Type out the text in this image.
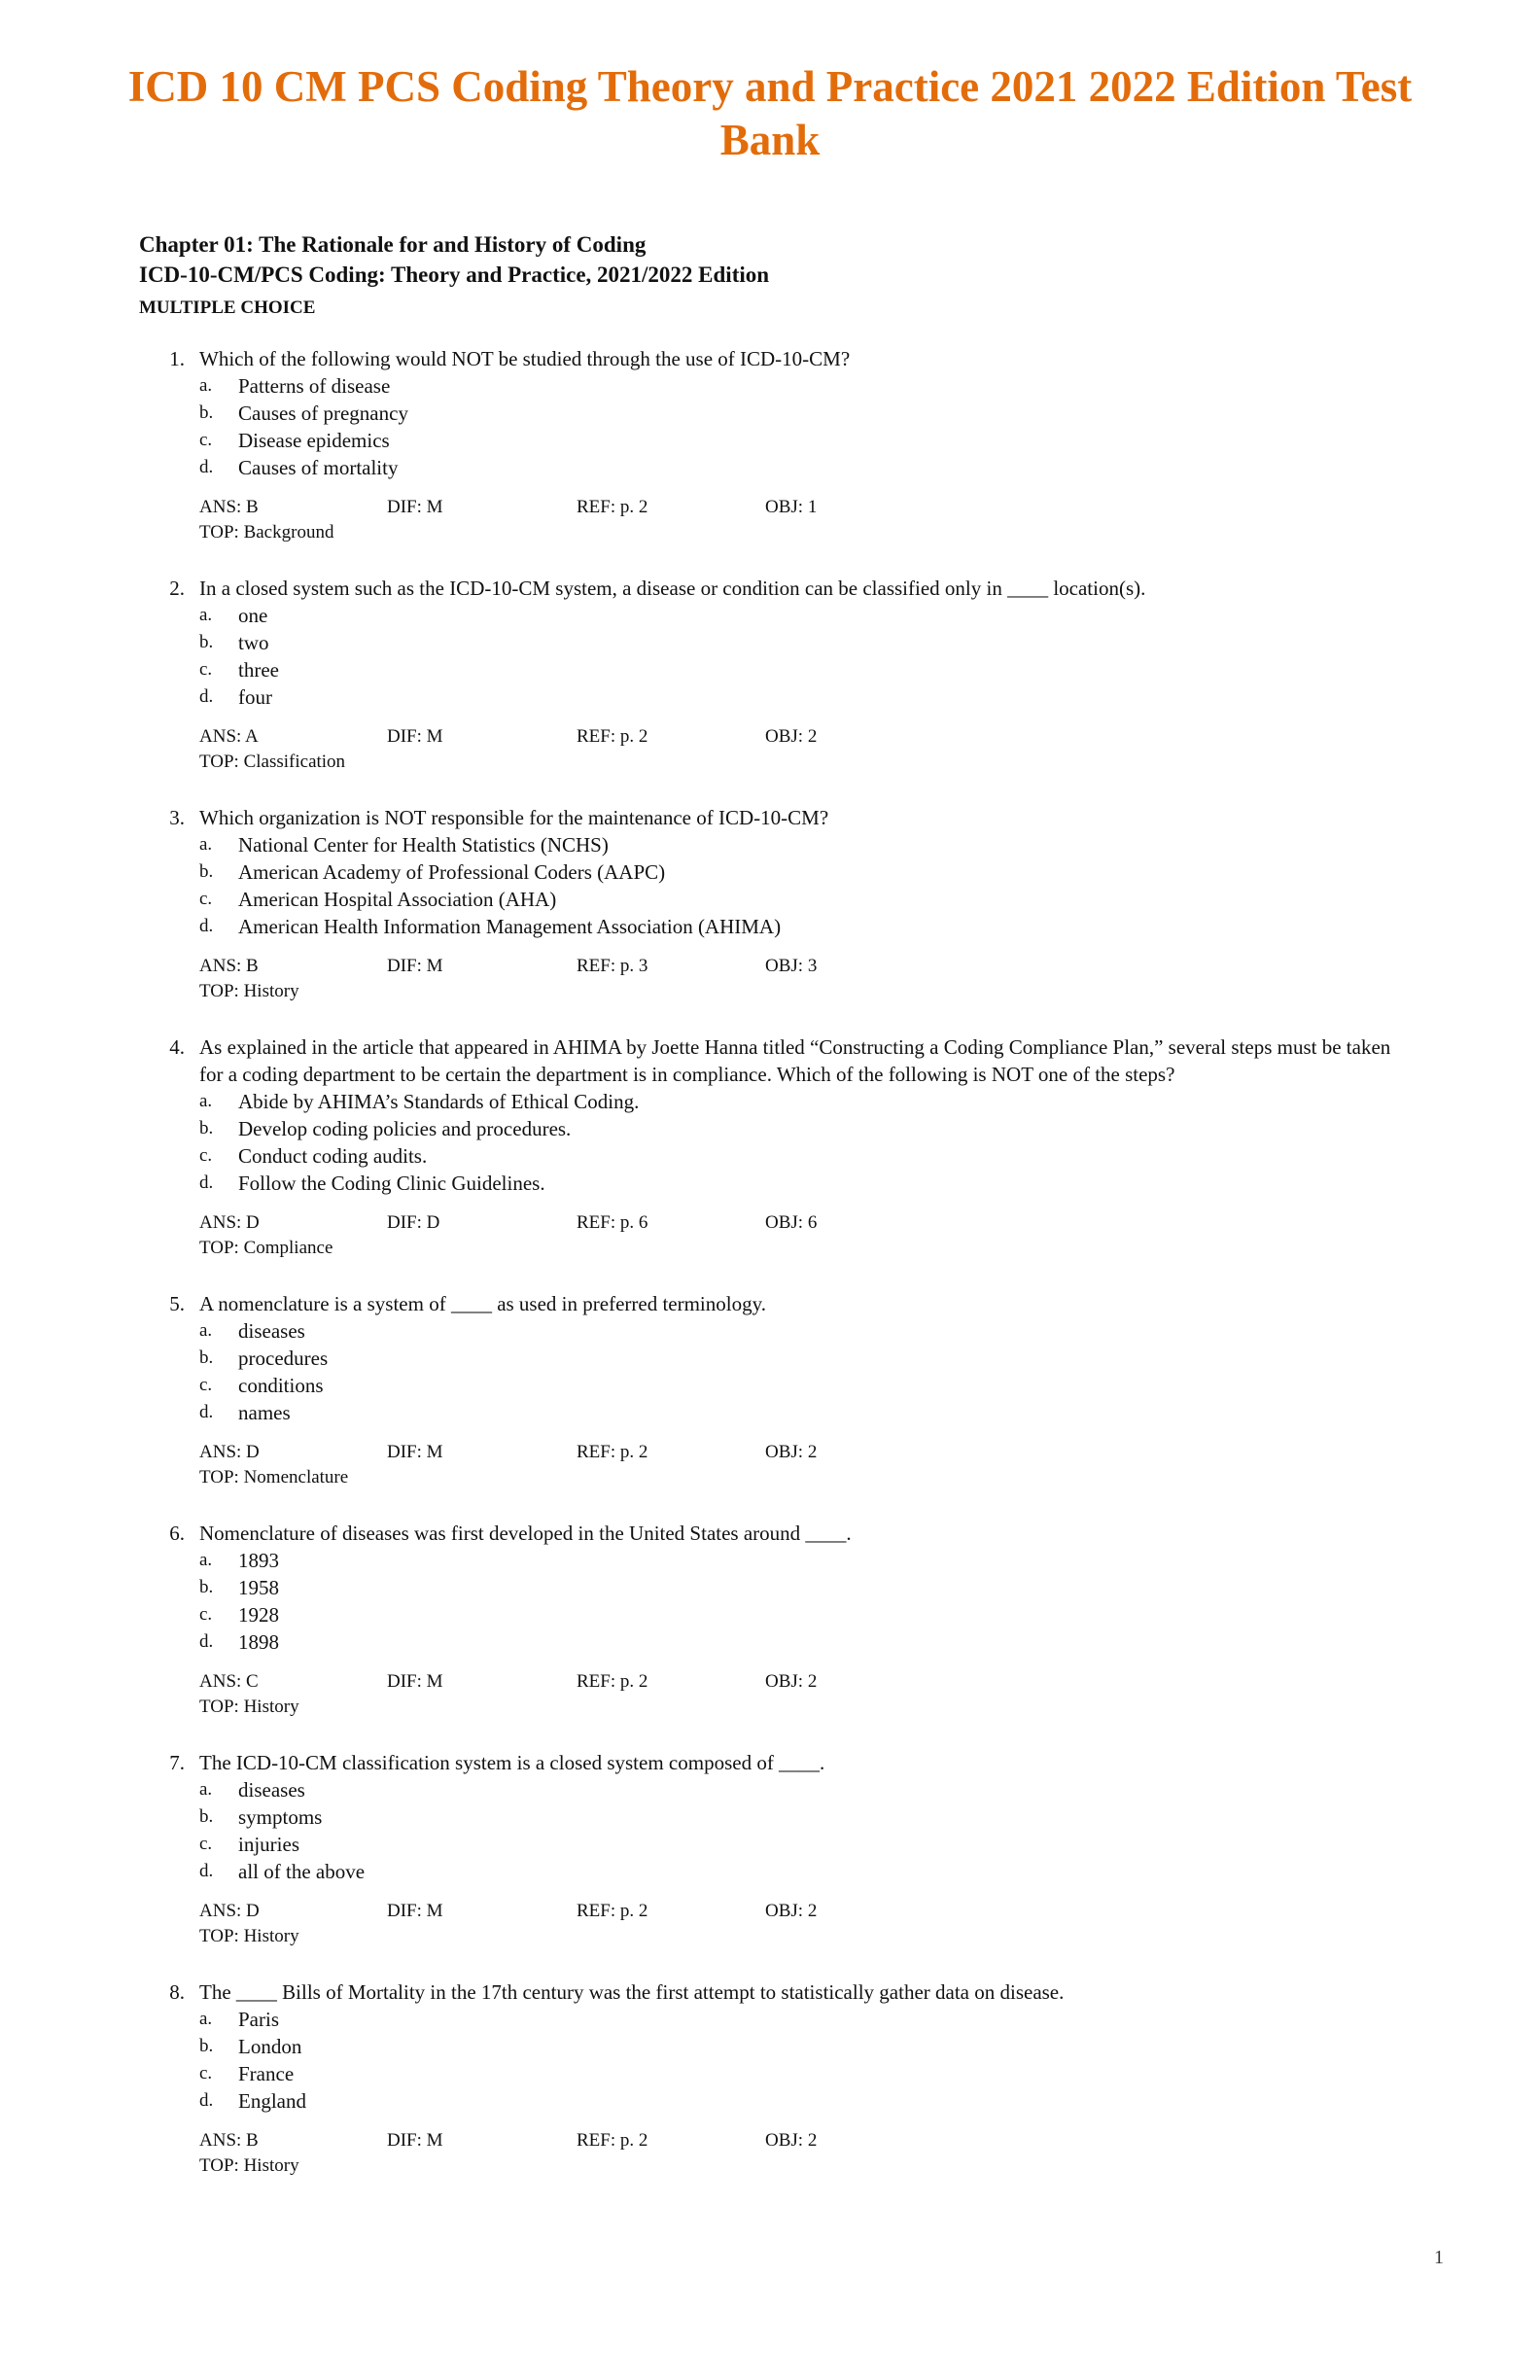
ICD 10 CM PCS Coding Theory and Practice 2021 2022 Edition Test Bank
Chapter 01: The Rationale for and History of Coding
ICD-10-CM/PCS Coding: Theory and Practice, 2021/2022 Edition
MULTIPLE CHOICE
1. Which of the following would NOT be studied through the use of ICD-10-CM?
a. Patterns of disease
b. Causes of pregnancy
c. Disease epidemics
d. Causes of mortality
ANS: B	DIF: M	REF: p. 2	OBJ: 1
TOP: Background
2. In a closed system such as the ICD-10-CM system, a disease or condition can be classified only in ____ location(s).
a. one
b. two
c. three
d. four
ANS: A	DIF: M	REF: p. 2	OBJ: 2
TOP: Classification
3. Which organization is NOT responsible for the maintenance of ICD-10-CM?
a. National Center for Health Statistics (NCHS)
b. American Academy of Professional Coders (AAPC)
c. American Hospital Association (AHA)
d. American Health Information Management Association (AHIMA)
ANS: B	DIF: M	REF: p. 3	OBJ: 3
TOP: History
4. As explained in the article that appeared in AHIMA by Joette Hanna titled “Constructing a Coding Compliance Plan,” several steps must be taken for a coding department to be certain the department is in compliance. Which of the following is NOT one of the steps?
a. Abide by AHIMA’s Standards of Ethical Coding.
b. Develop coding policies and procedures.
c. Conduct coding audits.
d. Follow the Coding Clinic Guidelines.
ANS: D	DIF: D	REF: p. 6	OBJ: 6
TOP: Compliance
5. A nomenclature is a system of ____ as used in preferred terminology.
a. diseases
b. procedures
c. conditions
d. names
ANS: D	DIF: M	REF: p. 2	OBJ: 2
TOP: Nomenclature
6. Nomenclature of diseases was first developed in the United States around ____.
a. 1893
b. 1958
c. 1928
d. 1898
ANS: C	DIF: M	REF: p. 2	OBJ: 2
TOP: History
7. The ICD-10-CM classification system is a closed system composed of ____.
a. diseases
b. symptoms
c. injuries
d. all of the above
ANS: D	DIF: M	REF: p. 2	OBJ: 2
TOP: History
8. The ____ Bills of Mortality in the 17th century was the first attempt to statistically gather data on disease.
a. Paris
b. London
c. France
d. England
ANS: B	DIF: M	REF: p. 2	OBJ: 2
TOP: History
1
